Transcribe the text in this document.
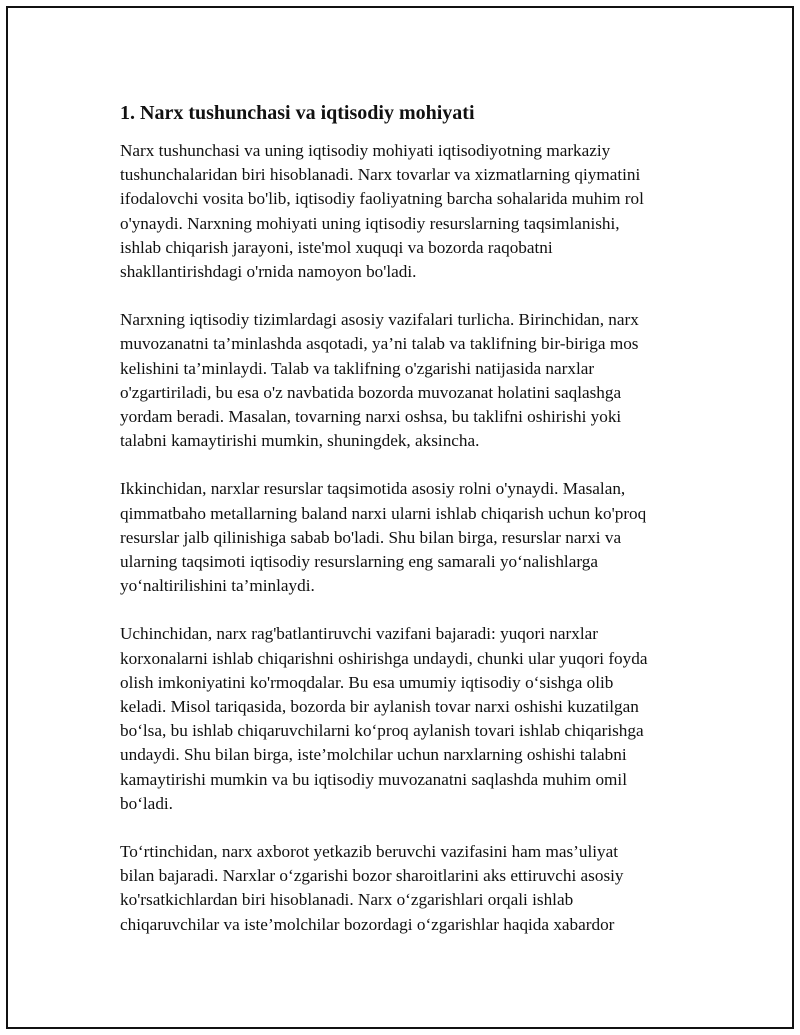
1. Narx tushunchasi va iqtisodiy mohiyati

Narx tushunchasi va uning iqtisodiy mohiyati iqtisodiyotning markaziy
tushunchalaridan biri hisoblanadi. Narx tovarlar va xizmatlarning qiymatini
ifodalovchi vosita bo'lib, iqtisodiy faoliyatning barcha sohalarida muhim rol
o'ynaydi. Narxning mohiyati uning iqtisodiy resurslarning taqsimlanishi,
ishlab chiqarish jarayoni, iste'mol xuquqi va bozorda raqobatni
shakllantirishdagi o'rnida namoyon bo'ladi.

Narxning iqtisodiy tizimlardagi asosiy vazifalari turlicha. Birinchidan, narx
muvozanatni ta’minlashda asqotadi, ya’ni talab va taklifning bir-biriga mos
kelishini ta’minlaydi. Talab va taklifning o'zgarishi natijasida narxlar
o'zgartiriladi, bu esa o'z navbatida bozorda muvozanat holatini saqlashga
yordam beradi. Masalan, tovarning narxi oshsa, bu taklifni oshirishi yoki
talabni kamaytirishi mumkin, shuningdek, aksincha.

Ikkinchidan, narxlar resurslar taqsimotida asosiy rolni o'ynaydi. Masalan,
qimmatbaho metallarning baland narxi ularni ishlab chiqarish uchun ko'proq
resurslar jalb qilinishiga sabab bo'ladi. Shu bilan birga, resurslar narxi va
ularning taqsimoti iqtisodiy resurslarning eng samarali yo‘nalishlarga
yo‘naltirilishini ta’minlaydi.

Uchinchidan, narx rag'batlantiruvchi vazifani bajaradi: yuqori narxlar
korxonalarni ishlab chiqarishni oshirishga undaydi, chunki ular yuqori foyda
olish imkoniyatini ko'rmoqdalar. Bu esa umumiy iqtisodiy o‘sishga olib
keladi. Misol tariqasida, bozorda bir aylanish tovar narxi oshishi kuzatilgan
bo‘lsa, bu ishlab chiqaruvchilarni ko‘proq aylanish tovari ishlab chiqarishga
undaydi. Shu bilan birga, iste’molchilar uchun narxlarning oshishi talabni
kamaytirishi mumkin va bu iqtisodiy muvozanatni saqlashda muhim omil
bo‘ladi.

To‘rtinchidan, narx axborot yetkazib beruvchi vazifasini ham mas’uliyat
bilan bajaradi. Narxlar o‘zgarishi bozor sharoitlarini aks ettiruvchi asosiy
ko'rsatkichlardan biri hisoblanadi. Narx o‘zgarishlari orqali ishlab
chiqaruvchilar va iste’molchilar bozordagi o‘zgarishlar haqida xabardor
